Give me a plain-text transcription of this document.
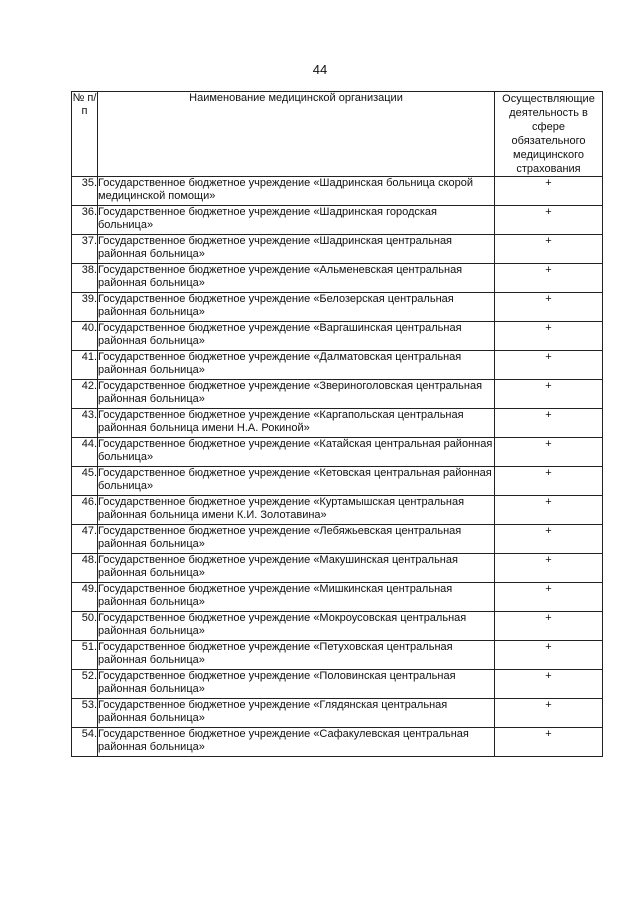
44
№ п/п	Наименование медицинской организации	Осуществляющие деятельность в сфере обязательного медицинского страхования
35.	Государственное бюджетное учреждение «Шадринская больница скорой медицинской помощи»	+
36.	Государственное бюджетное учреждение «Шадринская городская больница»	+
37.	Государственное бюджетное учреждение «Шадринская центральная районная больница»	+
38.	Государственное бюджетное учреждение «Альменевская центральная районная больница»	+
39.	Государственное бюджетное учреждение «Белозерская центральная районная больница»	+
40.	Государственное бюджетное учреждение «Варгашинская центральная районная больница»	+
41.	Государственное бюджетное учреждение «Далматовская центральная районная больница»	+
42.	Государственное бюджетное учреждение «Звериноголовская центральная районная больница»	+
43.	Государственное бюджетное учреждение «Каргапольская центральная районная больница имени Н.А. Рокиной»	+
44.	Государственное бюджетное учреждение «Катайская центральная районная больница»	+
45.	Государственное бюджетное учреждение «Кетовская центральная районная больница»	+
46.	Государственное бюджетное учреждение «Куртамышская центральная районная больница имени К.И. Золотавина»	+
47.	Государственное бюджетное учреждение «Лебяжьевская центральная районная больница»	+
48.	Государственное бюджетное учреждение «Макушинская центральная районная больница»	+
49.	Государственное бюджетное учреждение «Мишкинская центральная районная больница»	+
50.	Государственное бюджетное учреждение «Мокроусовская центральная районная больница»	+
51.	Государственное бюджетное учреждение «Петуховская центральная районная больница»	+
52.	Государственное бюджетное учреждение «Половинская центральная районная больница»	+
53.	Государственное бюджетное учреждение «Глядянская центральная районная больница»	+
54.	Государственное бюджетное учреждение «Сафакулевская центральная районная больница»	+
